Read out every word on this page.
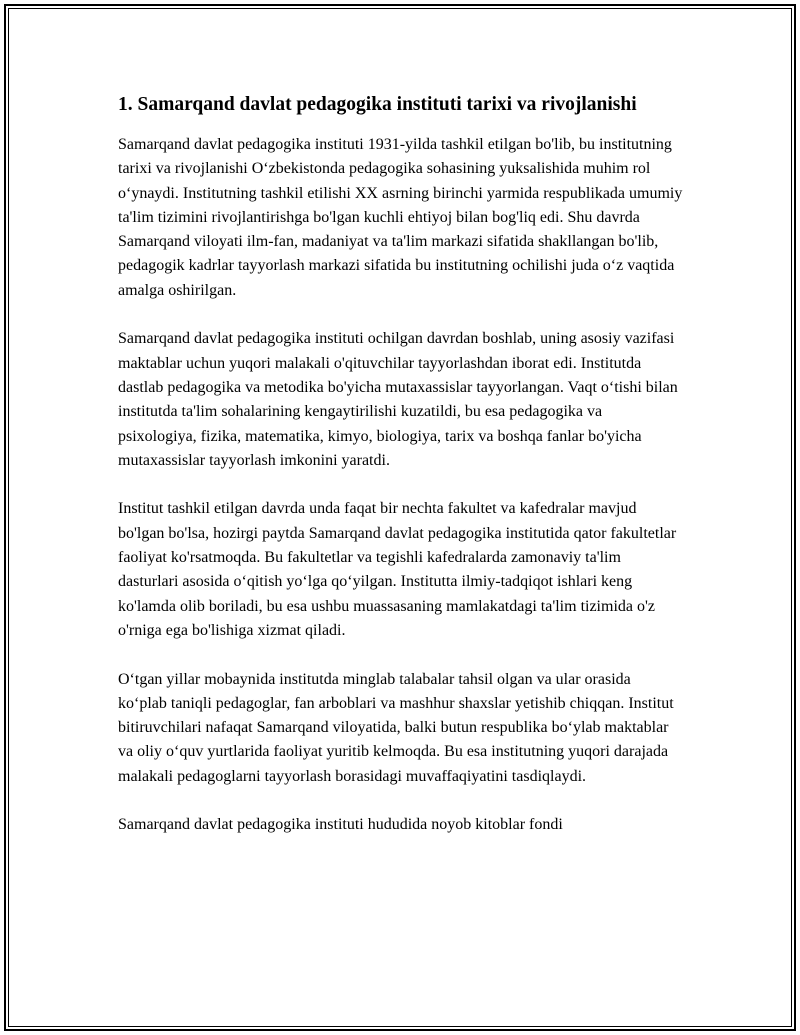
1. Samarqand davlat pedagogika instituti tarixi va rivojlanishi

Samarqand davlat pedagogika instituti 1931-yilda tashkil etilgan bo'lib, bu institutning tarixi va rivojlanishi O‘zbekistonda pedagogika sohasining yuksalishida muhim rol o‘ynaydi. Institutning tashkil etilishi XX asrning birinchi yarmida respublikada umumiy ta'lim tizimini rivojlantirishga bo'lgan kuchli ehtiyoj bilan bog'liq edi. Shu davrda Samarqand viloyati ilm-fan, madaniyat va ta'lim markazi sifatida shakllangan bo'lib, pedagogik kadrlar tayyorlash markazi sifatida bu institutning ochilishi juda o‘z vaqtida amalga oshirilgan.

Samarqand davlat pedagogika instituti ochilgan davrdan boshlab, uning asosiy vazifasi maktablar uchun yuqori malakali o'qituvchilar tayyorlashdan iborat edi. Institutda dastlab pedagogika va metodika bo'yicha mutaxassislar tayyorlangan. Vaqt o‘tishi bilan institutda ta'lim sohalarining kengaytirilishi kuzatildi, bu esa pedagogika va psixologiya, fizika, matematika, kimyo, biologiya, tarix va boshqa fanlar bo'yicha mutaxassislar tayyorlash imkonini yaratdi.

Institut tashkil etilgan davrda unda faqat bir nechta fakultet va kafedralar mavjud bo'lgan bo'lsa, hozirgi paytda Samarqand davlat pedagogika institutida qator fakultetlar faoliyat ko'rsatmoqda. Bu fakultetlar va tegishli kafedralarda zamonaviy ta'lim dasturlari asosida o‘qitish yo‘lga qo‘yilgan. Institutta ilmiy-tadqiqot ishlari keng ko'lamda olib boriladi, bu esa ushbu muassasaning mamlakatdagi ta'lim tizimida o'z o'rniga ega bo'lishiga xizmat qiladi.

O‘tgan yillar mobaynida institutda minglab talabalar tahsil olgan va ular orasida ko‘plab taniqli pedagoglar, fan arboblari va mashhur shaxslar yetishib chiqqan. Institut bitiruvchilari nafaqat Samarqand viloyatida, balki butun respublika bo‘ylab maktablar va oliy o‘quv yurtlarida faoliyat yuritib kelmoqda. Bu esa institutning yuqori darajada malakali pedagoglarni tayyorlash borasidagi muvaffaqiyatini tasdiqlaydi.

Samarqand davlat pedagogika instituti hududida noyob kitoblar fondi
